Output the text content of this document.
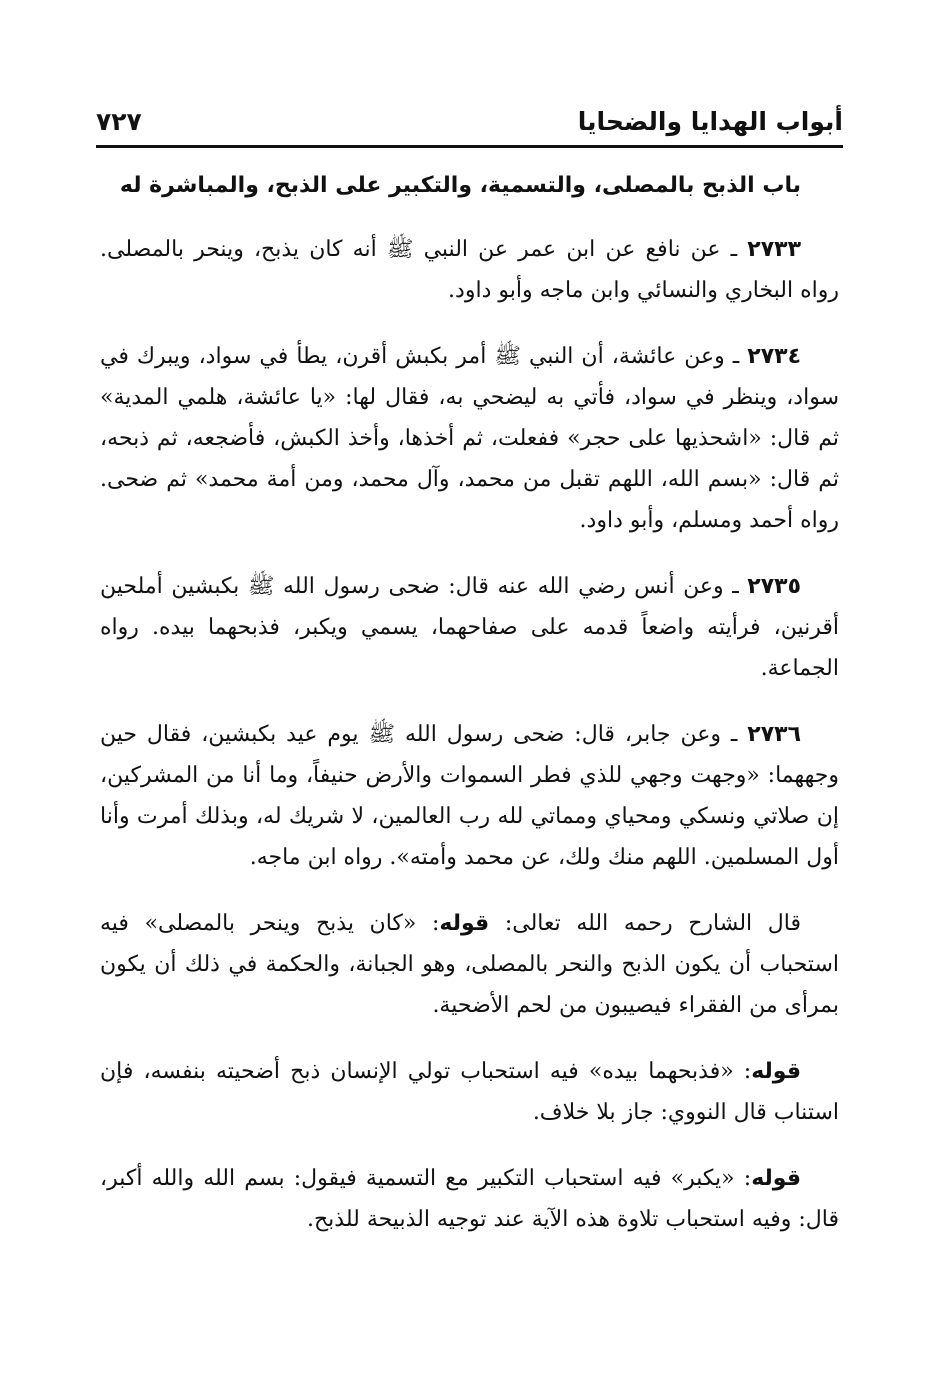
أبواب الهدايا والضحايا
٧٢٧
باب الذبح بالمصلى، والتسمية، والتكبير على الذبح، والمباشرة له

٢٧٣٣ ـ عن نافع عن ابن عمر عن النبي ﷺ أنه كان يذبح، وينحر بالمصلى. رواه البخاري والنسائي وابن ماجه وأبو داود.

٢٧٣٤ ـ وعن عائشة، أن النبي ﷺ أمر بكبش أقرن، يطأ في سواد، ويبرك في سواد، وينظر في سواد، فأتي به ليضحي به، فقال لها: «يا عائشة، هلمي المدية» ثم قال: «اشحذيها على حجر» ففعلت، ثم أخذها، وأخذ الكبش، فأضجعه، ثم ذبحه، ثم قال: «بسم الله، اللهم تقبل من محمد، وآل محمد، ومن أمة محمد» ثم ضحى. رواه أحمد ومسلم، وأبو داود.

٢٧٣٥ ـ وعن أنس رضي الله عنه قال: ضحى رسول الله ﷺ بكبشين أملحين أقرنين، فرأيته واضعاً قدمه على صفاحهما، يسمي ويكبر، فذبحهما بيده. رواه الجماعة.

٢٧٣٦ ـ وعن جابر، قال: ضحى رسول الله ﷺ يوم عيد بكبشين، فقال حين وجههما: «وجهت وجهي للذي فطر السموات والأرض حنيفاً، وما أنا من المشركين، إن صلاتي ونسكي ومحياي ومماتي لله رب العالمين، لا شريك له، وبذلك أمرت وأنا أول المسلمين. اللهم منك ولك، عن محمد وأمته». رواه ابن ماجه.

قال الشارح رحمه الله تعالى: قوله: «كان يذبح وينحر بالمصلى» فيه استحباب أن يكون الذبح والنحر بالمصلى، وهو الجبانة، والحكمة في ذلك أن يكون بمرأى من الفقراء فيصيبون من لحم الأضحية.

قوله: «فذبحهما بيده» فيه استحباب تولي الإنسان ذبح أضحيته بنفسه، فإن استناب قال النووي: جاز بلا خلاف.

قوله: «يكبر» فيه استحباب التكبير مع التسمية فيقول: بسم الله والله أكبر، قال: وفيه استحباب تلاوة هذه الآية عند توجيه الذبيحة للذبح.
